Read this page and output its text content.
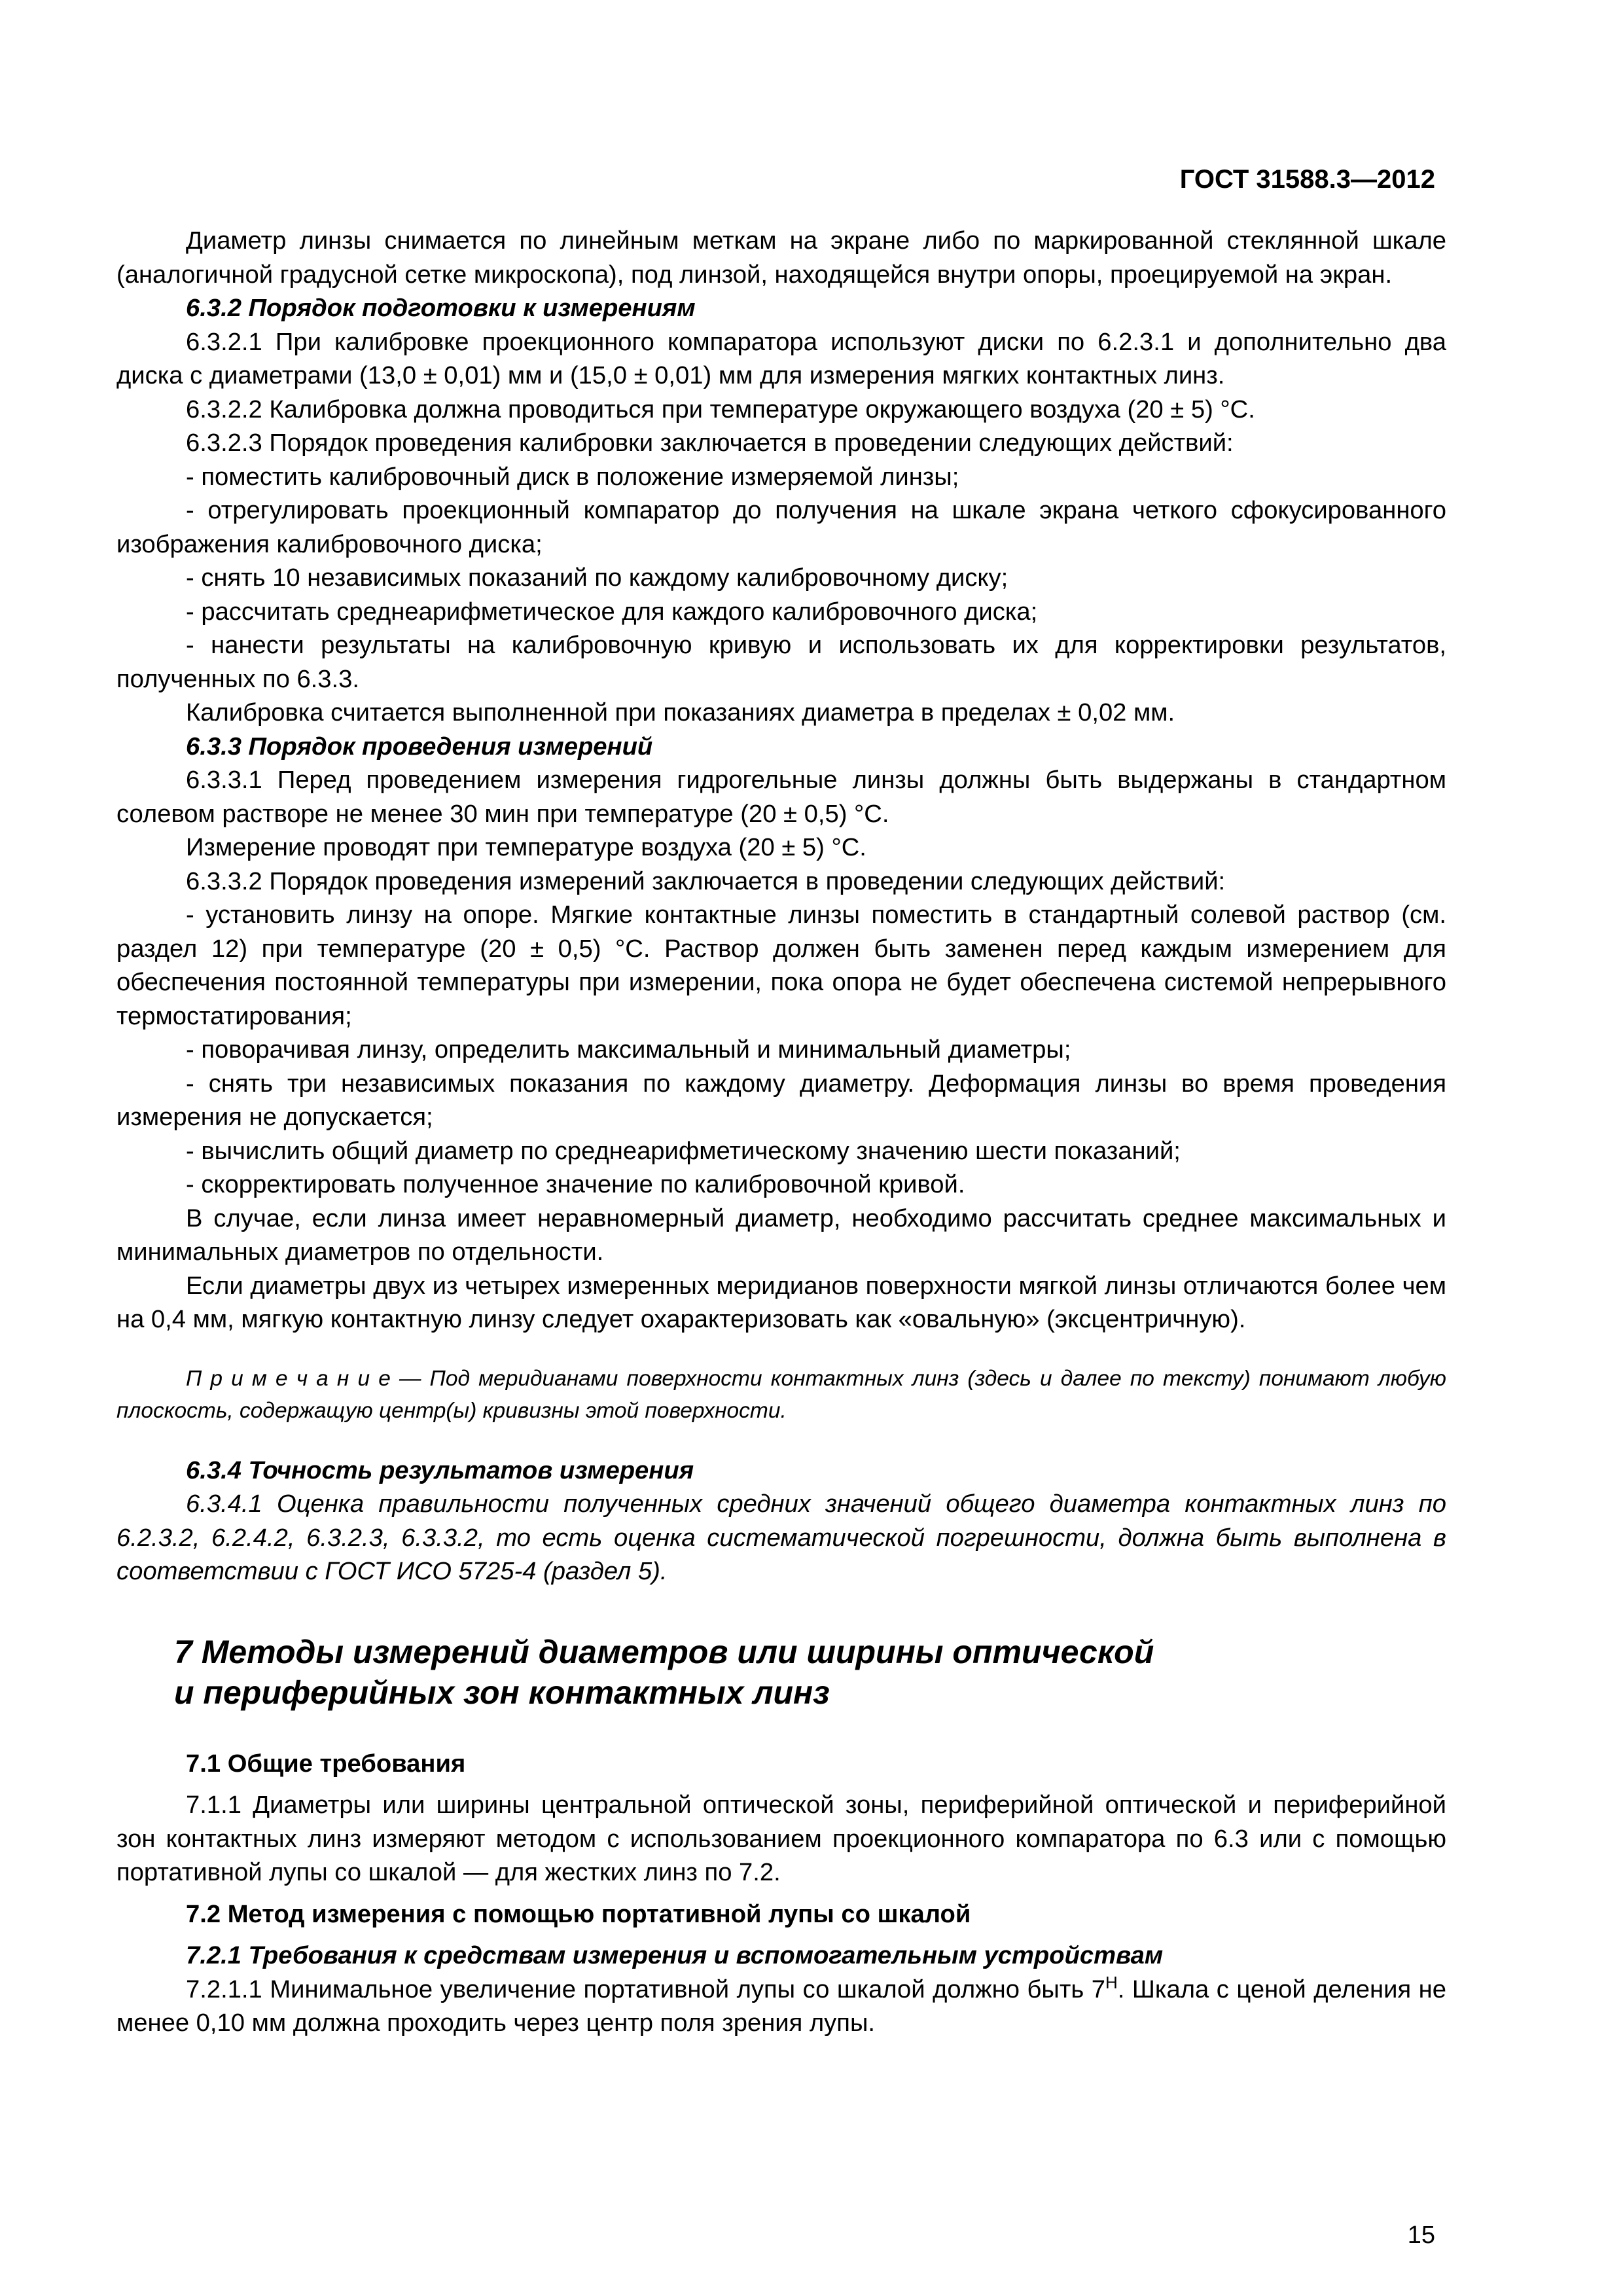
ГОСТ 31588.3—2012

Диаметр линзы снимается по линейным меткам на экране либо по маркированной стеклянной шкале (аналогичной градусной сетке микроскопа), под линзой, находящейся внутри опоры, проецируемой на экран.

6.3.2 Порядок подготовки к измерениям

6.3.2.1 При калибровке проекционного компаратора используют диски по 6.2.3.1 и дополнительно два диска с диаметрами (13,0 ± 0,01) мм и (15,0 ± 0,01) мм для измерения мягких контактных линз.

6.3.2.2 Калибровка должна проводиться при температуре окружающего воздуха (20 ± 5) °С.

6.3.2.3 Порядок проведения калибровки заключается в проведении следующих действий:

- поместить калибровочный диск в положение измеряемой линзы;

- отрегулировать проекционный компаратор до получения на шкале экрана четкого сфокусированного изображения калибровочного диска;

- снять 10 независимых показаний по каждому калибровочному диску;

- рассчитать среднеарифметическое для каждого калибровочного диска;

- нанести результаты на калибровочную кривую и использовать их для корректировки результатов, полученных по 6.3.3.

Калибровка считается выполненной при показаниях диаметра в пределах ± 0,02 мм.

6.3.3 Порядок проведения измерений

6.3.3.1 Перед проведением измерения гидрогельные линзы должны быть выдержаны в стандартном солевом растворе не менее 30 мин при температуре (20 ± 0,5) °С.

Измерение проводят при температуре воздуха (20 ± 5) °С.

6.3.3.2 Порядок проведения измерений заключается в проведении следующих действий:

- установить линзу на опоре. Мягкие контактные линзы поместить в стандартный солевой раствор (см. раздел 12) при температуре (20 ± 0,5) °С. Раствор должен быть заменен перед каждым измерением для обеспечения постоянной температуры при измерении, пока опора не будет обеспечена системой непрерывного термостатирования;

- поворачивая линзу, определить максимальный и минимальный диаметры;

- снять три независимых показания по каждому диаметру. Деформация линзы во время проведения измерения не допускается;

- вычислить общий диаметр по среднеарифметическому значению шести показаний;

- скорректировать полученное значение по калибровочной кривой.

В случае, если линза имеет неравномерный диаметр, необходимо рассчитать среднее максимальных и минимальных диаметров по отдельности.

Если диаметры двух из четырех измеренных меридианов поверхности мягкой линзы отличаются более чем на 0,4 мм, мягкую контактную линзу следует охарактеризовать как «овальную» (эксцентричную).

П р и м е ч а н и е — Под меридианами поверхности контактных линз (здесь и далее по тексту) понимают любую плоскость, содержащую центр(ы) кривизны этой поверхности.

6.3.4 Точность результатов измерения

6.3.4.1 Оценка правильности полученных средних значений общего диаметра контактных линз по 6.2.3.2, 6.2.4.2, 6.3.2.3, 6.3.3.2, то есть оценка систематической погрешности, должна быть выполнена в соответствии с ГОСТ ИСО 5725-4 (раздел 5).

7 Методы измерений диаметров или ширины оптической
и периферийных зон контактных линз

7.1 Общие требования

7.1.1 Диаметры или ширины центральной оптической зоны, периферийной оптической и периферийной зон контактных линз измеряют методом с использованием проекционного компаратора по 6.3 или с помощью портативной лупы со шкалой — для жестких линз по 7.2.

7.2 Метод измерения с помощью портативной лупы со шкалой

7.2.1 Требования к средствам измерения и вспомогательным устройствам

7.2.1.1 Минимальное увеличение портативной лупы со шкалой должно быть $7^Н$. Шкала с ценой деления не менее 0,10 мм должна проходить через центр поля зрения лупы.

15
